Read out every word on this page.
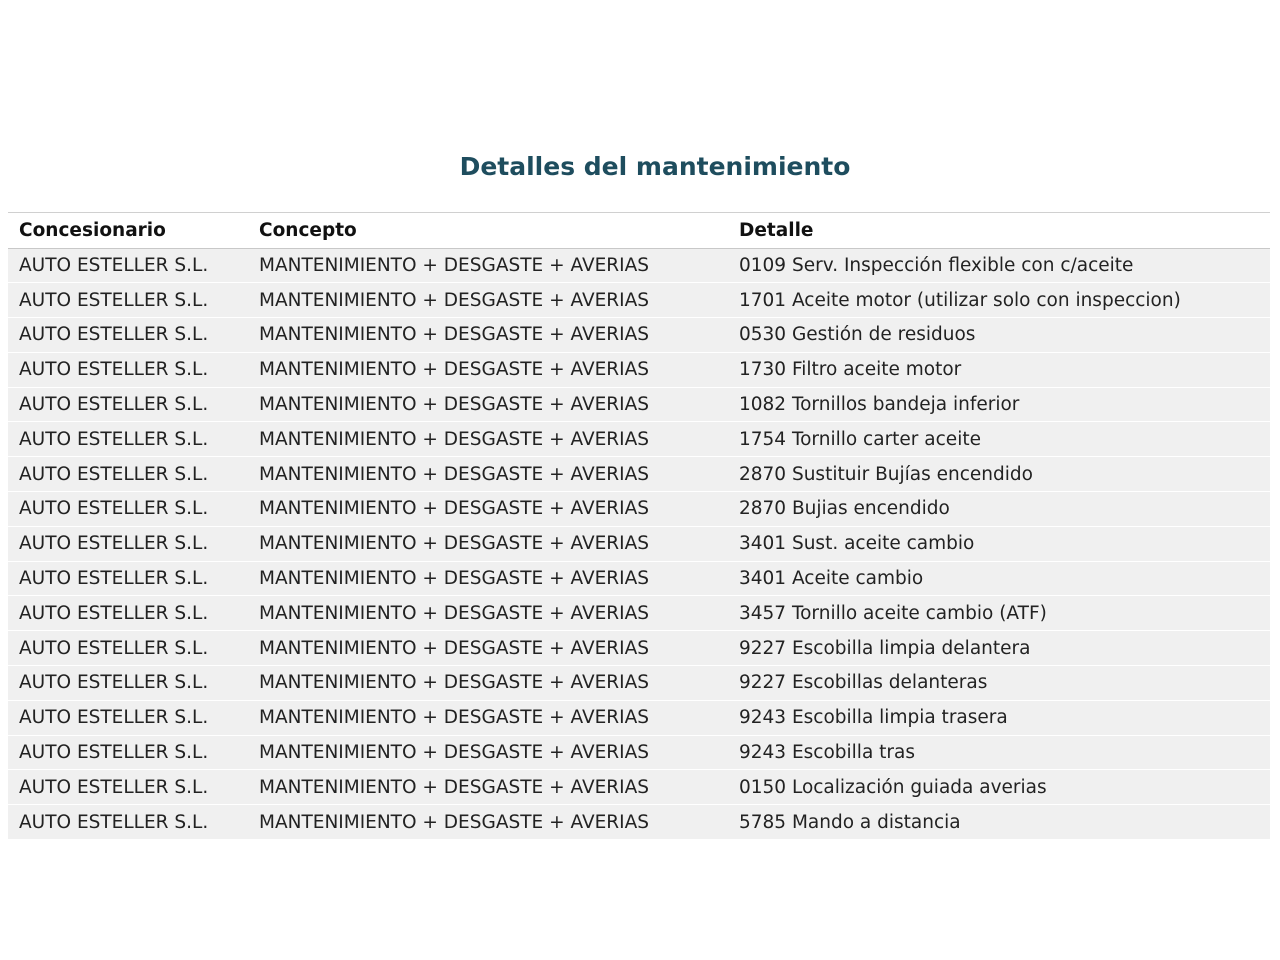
Detalles del mantenimiento
Concesionario	Concepto	Detalle
AUTO ESTELLER S.L.	MANTENIMIENTO + DESGASTE + AVERIAS	0109 Serv. Inspección flexible con c/aceite
AUTO ESTELLER S.L.	MANTENIMIENTO + DESGASTE + AVERIAS	1701 Aceite motor (utilizar solo con inspeccion)
AUTO ESTELLER S.L.	MANTENIMIENTO + DESGASTE + AVERIAS	0530 Gestión de residuos
AUTO ESTELLER S.L.	MANTENIMIENTO + DESGASTE + AVERIAS	1730 Filtro aceite motor
AUTO ESTELLER S.L.	MANTENIMIENTO + DESGASTE + AVERIAS	1082 Tornillos bandeja inferior
AUTO ESTELLER S.L.	MANTENIMIENTO + DESGASTE + AVERIAS	1754 Tornillo carter aceite
AUTO ESTELLER S.L.	MANTENIMIENTO + DESGASTE + AVERIAS	2870 Sustituir Bujías encendido
AUTO ESTELLER S.L.	MANTENIMIENTO + DESGASTE + AVERIAS	2870 Bujias encendido
AUTO ESTELLER S.L.	MANTENIMIENTO + DESGASTE + AVERIAS	3401 Sust. aceite cambio
AUTO ESTELLER S.L.	MANTENIMIENTO + DESGASTE + AVERIAS	3401 Aceite cambio
AUTO ESTELLER S.L.	MANTENIMIENTO + DESGASTE + AVERIAS	3457 Tornillo aceite cambio (ATF)
AUTO ESTELLER S.L.	MANTENIMIENTO + DESGASTE + AVERIAS	9227 Escobilla limpia delantera
AUTO ESTELLER S.L.	MANTENIMIENTO + DESGASTE + AVERIAS	9227 Escobillas delanteras
AUTO ESTELLER S.L.	MANTENIMIENTO + DESGASTE + AVERIAS	9243 Escobilla limpia trasera
AUTO ESTELLER S.L.	MANTENIMIENTO + DESGASTE + AVERIAS	9243 Escobilla tras
AUTO ESTELLER S.L.	MANTENIMIENTO + DESGASTE + AVERIAS	0150 Localización guiada averias
AUTO ESTELLER S.L.	MANTENIMIENTO + DESGASTE + AVERIAS	5785 Mando a distancia
